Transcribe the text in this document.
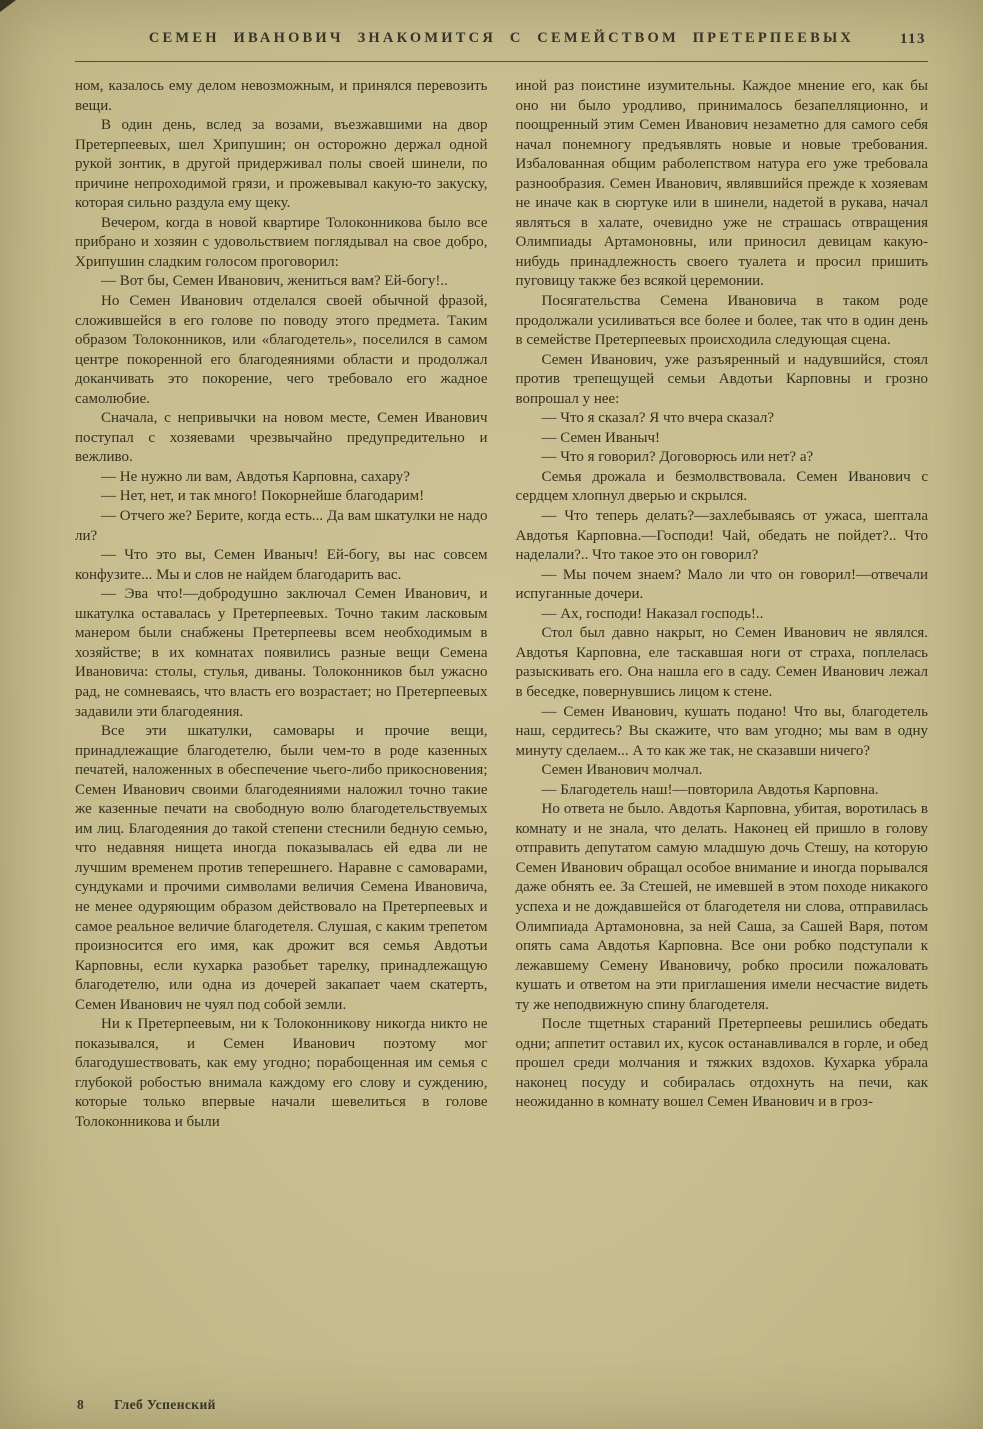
СЕМЕН ИВАНОВИЧ ЗНАКОМИТСЯ С СЕМЕЙСТВОМ ПРЕТЕРПЕЕВЫХ	113

ном, казалось ему делом невозможным, и принялся перевозить вещи.

В один день, вслед за возами, въезжавшими на двор Претерпеевых, шел Хрипушин; он осторожно держал одной рукой зонтик, в другой придерживал полы своей шинели, по причине непроходимой грязи, и прожевывал какую-то закуску, которая сильно раздула ему щеку.

Вечером, когда в новой квартире Толоконникова было все прибрано и хозяин с удовольствием поглядывал на свое добро, Хрипушин сладким голосом проговорил:

— Вот бы, Семен Иванович, жениться вам? Ей-богу!..

Но Семен Иванович отделался своей обычной фразой, сложившейся в его голове по поводу этого предмета. Таким образом Толоконников, или «благодетель», поселился в самом центре покоренной его благодеяниями области и продолжал доканчивать это покорение, чего требовало его жадное самолюбие.

Сначала, с непривычки на новом месте, Семен Иванович поступал с хозяевами чрезвычайно предупредительно и вежливо.

— Не нужно ли вам, Авдотья Карповна, сахару?

— Нет, нет, и так много! Покорнейше благодарим!

— Отчего же? Берите, когда есть... Да вам шкатулки не надо ли?

— Что это вы, Семен Иваныч! Ей-богу, вы нас совсем конфузите... Мы и слов не найдем благодарить вас.

— Эва что!—добродушно заключал Семен Иванович, и шкатулка оставалась у Претерпеевых. Точно таким ласковым манером были снабжены Претерпеевы всем необходимым в хозяйстве; в их комнатах появились разные вещи Семена Ивановича: столы, стулья, диваны. Толоконников был ужасно рад, не сомневаясь, что власть его возрастает; но Претерпеевых задавили эти благодеяния.

Все эти шкатулки, самовары и прочие вещи, принадлежащие благодетелю, были чем-то в роде казенных печатей, наложенных в обеспечение чьего-либо прикосновения; Семен Иванович своими благодеяниями наложил точно такие же казенные печати на свободную волю благодетельствуемых им лиц. Благодеяния до такой степени стеснили бедную семью, что недавняя нищета иногда показывалась ей едва ли не лучшим временем против теперешнего. Наравне с самоварами, сундуками и прочими символами величия Семена Ивановича, не менее одуряющим образом действовало на Претерпеевых и самое реальное величие благодетеля. Слушая, с каким трепетом произносится его имя, как дрожит вся семья Авдотьи Карповны, если кухарка разобьет тарелку, принадлежащую благодетелю, или одна из дочерей закапает чаем скатерть, Семен Иванович не чуял под собой земли.

Ни к Претерпеевым, ни к Толоконникову никогда никто не показывался, и Семен Иванович поэтому мог благодушествовать, как ему угодно; порабощенная им семья с глубокой робостью внимала каждому его слову и суждению, которые только впервые начали шевелиться в голове Толоконникова и были

иной раз поистине изумительны. Каждое мнение его, как бы оно ни было уродливо, принималось безапелляционно, и поощренный этим Семен Иванович незаметно для самого себя начал понемногу предъявлять новые и новые требования. Избалованная общим раболепством натура его уже требовала разнообразия. Семен Иванович, являвшийся прежде к хозяевам не иначе как в сюртуке или в шинели, надетой в рукава, начал являться в халате, очевидно уже не страшась отвращения Олимпиады Артамоновны, или приносил девицам какую-нибудь принадлежность своего туалета и просил пришить пуговицу также без всякой церемонии.

Посягательства Семена Ивановича в таком роде продолжали усиливаться все более и более, так что в один день в семействе Претерпеевых происходила следующая сцена.

Семен Иванович, уже разъяренный и надувшийся, стоял против трепещущей семьи Авдотьи Карповны и грозно вопрошал у нее:

— Что я сказал? Я что вчера сказал?

— Семен Иваныч!

— Что я говорил? Договорюсь или нет? а?

Семья дрожала и безмолвствовала. Семен Иванович с сердцем хлопнул дверью и скрылся.

— Что теперь делать?—захлебываясь от ужаса, шептала Авдотья Карповна.—Господи! Чай, обедать не пойдет?.. Что наделали?.. Что такое это он говорил?

— Мы почем знаем? Мало ли что он говорил!—отвечали испуганные дочери.

— Ах, господи! Наказал господь!..

Стол был давно накрыт, но Семен Иванович не являлся. Авдотья Карповна, еле таскавшая ноги от страха, поплелась разыскивать его. Она нашла его в саду. Семен Иванович лежал в беседке, повернувшись лицом к стене.

— Семен Иванович, кушать подано! Что вы, благодетель наш, сердитесь? Вы скажите, что вам угодно; мы вам в одну минуту сделаем... А то как же так, не сказавши ничего?

Семен Иванович молчал.

— Благодетель наш!—повторила Авдотья Карповна.

Но ответа не было. Авдотья Карповна, убитая, воротилась в комнату и не знала, что делать. Наконец ей пришло в голову отправить депутатом самую младшую дочь Стешу, на которую Семен Иванович обращал особое внимание и иногда порывался даже обнять ее. За Стешей, не имевшей в этом походе никакого успеха и не дождавшейся от благодетеля ни слова, отправилась Олимпиада Артамоновна, за ней Саша, за Сашей Варя, потом опять сама Авдотья Карповна. Все они робко подступали к лежавшему Семену Ивановичу, робко просили пожаловать кушать и ответом на эти приглашения имели несчастие видеть ту же неподвижную спину благодетеля.

После тщетных стараний Претерпеевы решились обедать одни; аппетит оставил их, кусок останавливался в горле, и обед прошел среди молчания и тяжких вздохов. Кухарка убрала наконец посуду и собиралась отдохнуть на печи, как неожиданно в комнату вошел Семен Иванович и в гроз-

8 Глеб Успенский
